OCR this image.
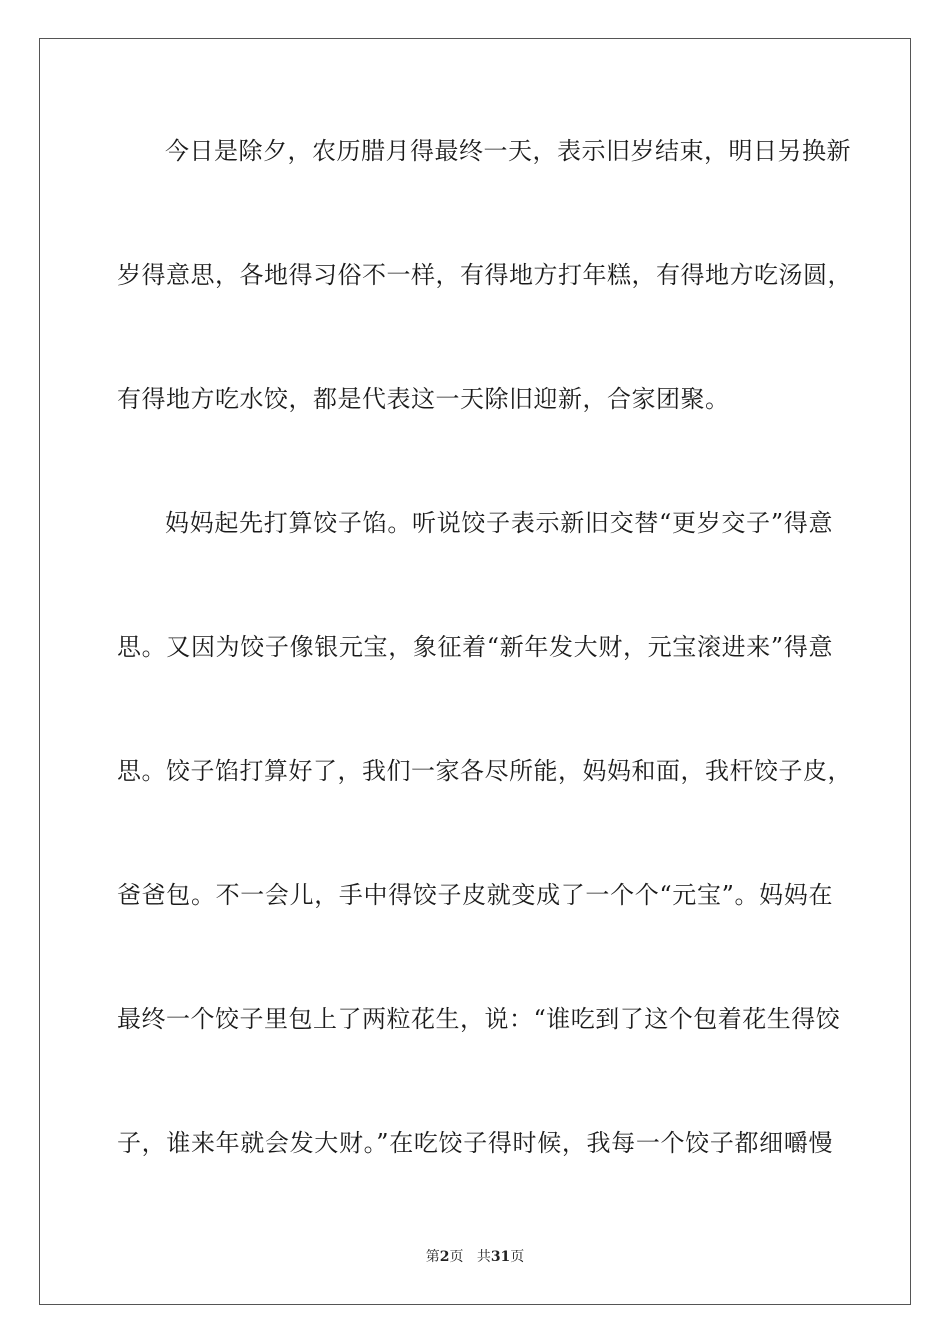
今日是除夕，农历腊月得最终一天，表示旧岁结束，明日另换新
岁得意思，各地得习俗不一样，有得地方打年糕，有得地方吃汤圆，
有得地方吃水饺，都是代表这一天除旧迎新，合家团聚。
妈妈起先打算饺子馅。听说饺子表示新旧交替“更岁交子”得意
思。又因为饺子像银元宝，象征着“新年发大财，元宝滚进来”得意
思。饺子馅打算好了，我们一家各尽所能，妈妈和面，我杆饺子皮，
爸爸包。不一会儿，手中得饺子皮就变成了一个个“元宝”。妈妈在
最终一个饺子里包上了两粒花生，说：“谁吃到了这个包着花生得饺
子，谁来年就会发大财。”在吃饺子得时候，我每一个饺子都细嚼慢
第2页 共31页
